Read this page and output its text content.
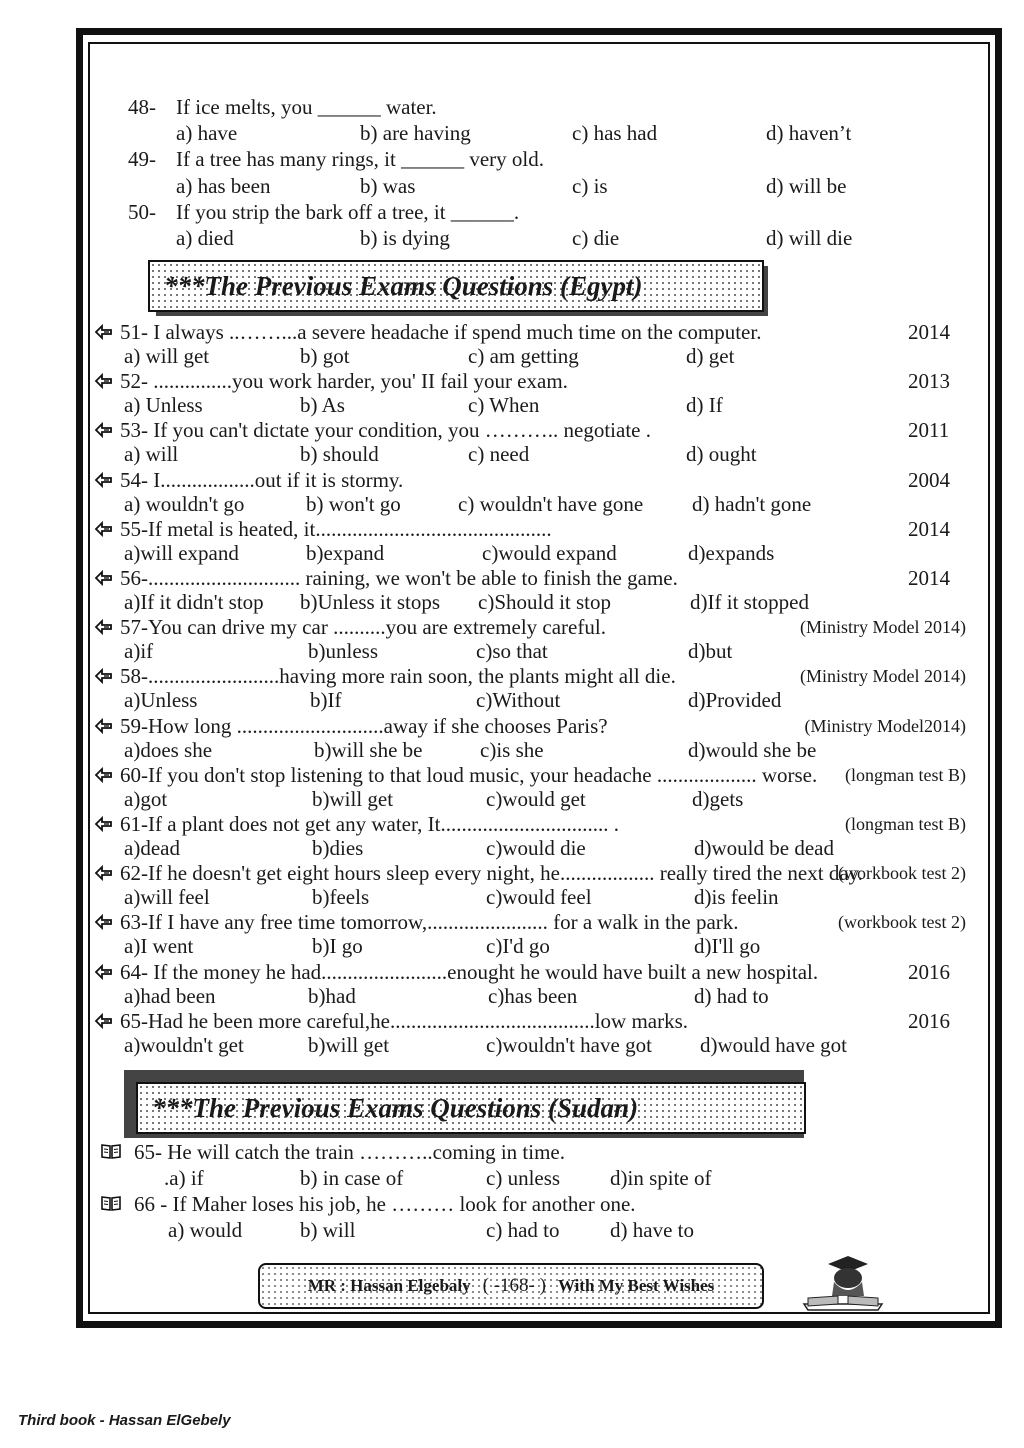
48- If ice melts, you ______ water.
a) have	b) are having	c) has had	d) haven’t
49- If a tree has many rings, it ______ very old.
a) has been	b) was	c) is	d) will be
50- If you strip the bark off a tree, it ______.
a) died	b) is dying	c) die	d) will die
***The Previous Exams Questions (Egypt)
51- I always ..……...a severe headache if spend much time on the computer.	2014
a) will get	b) got	c) am getting	d) get
52- ...............you work harder, you' II fail your exam.	2013
a) Unless	b) As	c) When	d) If
53- If you can't dictate your condition, you ……….. negotiate .	2011
a) will	b) should	c) need	d) ought
54- I..................out if it is stormy.	2004
a) wouldn't go	b) won't go	c) wouldn't have gone d) hadn't gone
55-If metal is heated, it.............................................	2014
a)will expand	b)expand	c)would expand	d)expands
56-............................. raining, we won't be able to finish the game.	2014
a)If it didn't stop b)Unless it stops c)Should it stop	d)If it stopped
57-You can drive my car ..........you are extremely careful.	(Ministry Model 2014)
a)if	b)unless	c)so that	d)but
58-.........................having more rain soon, the plants might all die.	(Ministry Model 2014)
a)Unless	b)If	c)Without	d)Provided
59-How long ............................away if she chooses Paris?	(Ministry Model2014)
a)does she	b)will she be	c)is she	d)would she be
60-If you don't stop listening to that loud music, your headache ................... worse. (longman test B)
a)got	b)will get	c)would get	d)gets
61-If a plant does not get any water, It................................ .	(longman test B)
a)dead	b)dies	c)would die	d)would be dead
62-If he doesn't get eight hours sleep every night, he.................. really tired the next day.
(workbook test 2)
a)will feel	b)feels	c)would feel	d)is feelin
63-If I have any free time tomorrow,....................... for a walk in the park.	(workbook test 2)
a)I went	b)I go	c)I'd go	d)I'll go
64- If the money he had........................enought he would have built a new hospital.	2016
a)had been	b)had	c)has been	d) had to
65-Had he been more careful,he.......................................low marks.	2016
a)wouldn't get	b)will get	c)wouldn't have got d)would have got
***The Previous Exams Questions (Sudan)
65- He will catch the train ………..coming in time.
.a) if	b) in case of	c) unless d)in spite of
66 - If Maher loses his job, he ……… look for another one.
a) would	b) will	c) had to d) have to
MR : Hassan Elgebaly ( -168- ) With My Best Wishes
Third book - Hassan ElGebely
